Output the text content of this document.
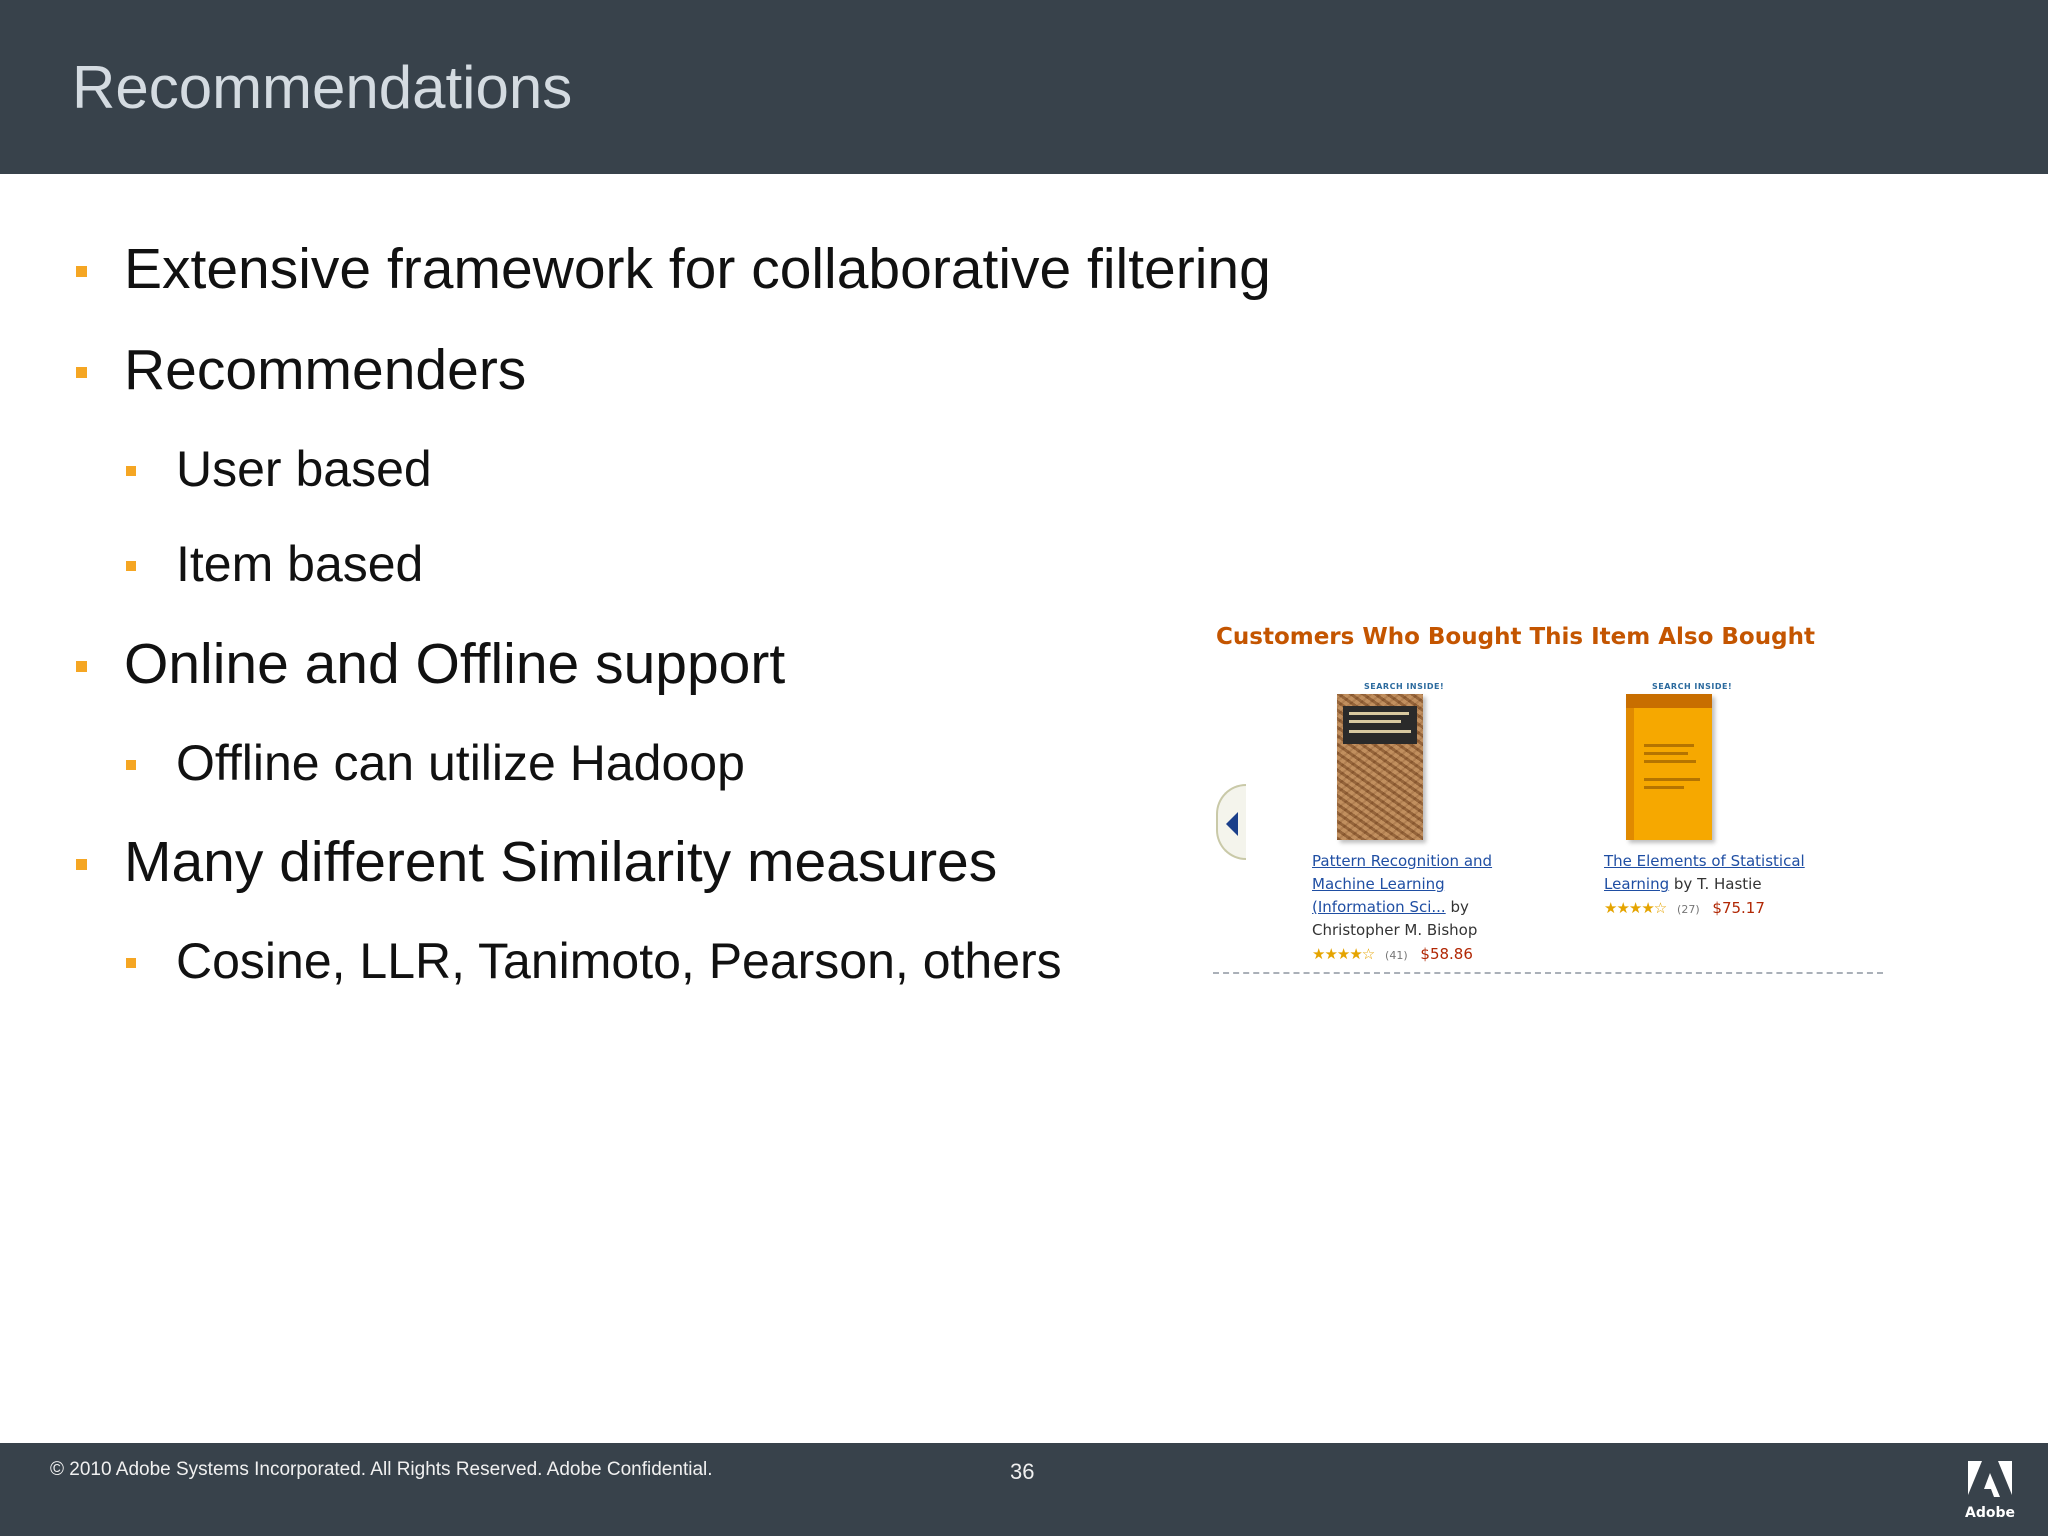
Recommendations
Extensive framework for collaborative filtering
Recommenders
User based
Item based
Online and Offline support
Offline can utilize Hadoop
Many different Similarity measures
Cosine, LLR, Tanimoto, Pearson, others
Customers Who Bought This Item Also Bought
SEARCH INSIDE!
Pattern Recognition and Machine Learning (Information Sci... by
Christopher M. Bishop
★★★★☆ (41) $58.86
SEARCH INSIDE!
The Elements of Statistical Learning by T. Hastie
★★★★☆ (27) $75.17
© 2010 Adobe Systems Incorporated. All Rights Reserved. Adobe Confidential.	36
Adobe
